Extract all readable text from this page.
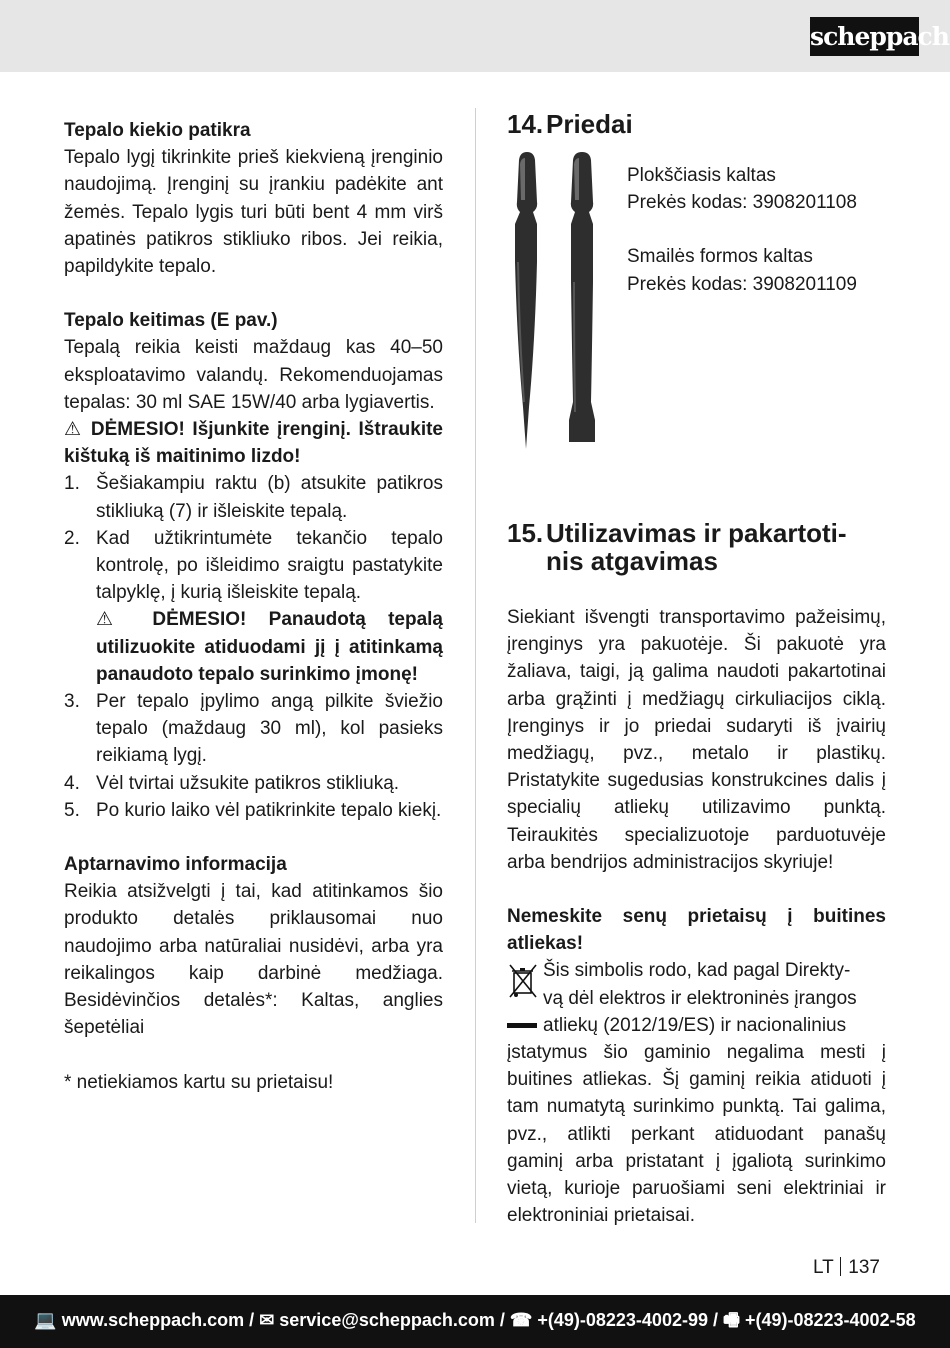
scheppach
Tepalo kiekio patikra

Tepalo lygį tikrinkite prieš kiekvieną įrenginio naudojimą. Įrenginį su įrankiu padėkite ant žemės. Tepalo lygis turi būti bent 4 mm virš apatinės patikros stikliuko ribos. Jei reikia, papildykite tepalo.

Tepalo keitimas (E pav.)

Tepalą reikia keisti maždaug kas 40–50 eksploatavimo valandų. Rekomenduojamas tepalas: 30 ml SAE 15W/40 arba lygiavertis.

⚠ DĖMESIO! Išjunkite įrenginį. Ištraukite kištuką iš maitinimo lizdo!

1. Šešiakampiu raktu (b) atsukite patikros stikliuką (7) ir išleiskite tepalą.
2. Kad užtikrintumėte tekančio tepalo kontrolę, po išleidimo sraigtu pastatykite talpyklę, į kurią išleiskite tepalą.
⚠ DĖMESIO! Panaudotą tepalą utilizuokite atiduodami jį į atitinkamą panaudoto tepalo surinkimo įmonę!
3. Per tepalo įpylimo angą pilkite šviežio tepalo (maždaug 30 ml), kol pasieks reikiamą lygį.
4. Vėl tvirtai užsukite patikros stikliuką.
5. Po kurio laiko vėl patikrinkite tepalo kiekį.
Aptarnavimo informacija

Reikia atsižvelgti į tai, kad atitinkamos šio produkto detalės priklausomai nuo naudojimo arba natūraliai nusidėvi, arba yra reikalingos kaip darbinė medžiaga. Besidėvinčios detalės*: Kaltas, anglies šepetėliai

* netiekiamos kartu su prietaisu!

14. Priedai
Plokščiasis kaltas
Prekės kodas: 3908201108
Smailės formos kaltas
Prekės kodas: 3908201109
15. Utilizavimas ir pakartoti-
nis atgavimas

Siekiant išvengti transportavimo pažeisimų, įrenginys yra pakuotėje. Ši pakuotė yra žaliava, taigi, ją galima naudoti pakartotinai arba grąžinti į medžiagų cirkuliacijos ciklą. Įrenginys ir jo priedai sudaryti iš įvairių medžiagų, pvz., metalo ir plastikų. Pristatykite sugedusias konstrukcines dalis į specialių atliekų utilizavimo punktą. Teiraukitės specializuotoje parduotuvėje arba bendrijos administracijos skyriuje!

Nemeskite senų prietaisų į buitines atliekas!

Šis simbolis rodo, kad pagal Direkty-
vą dėl elektros ir elektroninės įrangos
atliekų (2012/19/ES) ir nacionalinius

įstatymus šio gaminio negalima mesti į buitines atliekas. Šį gaminį reikia atiduoti į tam numatytą surinkimo punktą. Tai galima, pvz., atlikti perkant atiduodant panašų gaminį arba pristatant į įgaliotą surinkimo vietą, kurioje paruošiami seni elektriniai ir elektroniniai prietaisai.

LT 137
💻 www.scheppach.com / ✉ service@scheppach.com / ☎ +(49)-08223-4002-99 / 🖷 +(49)-08223-4002-58
